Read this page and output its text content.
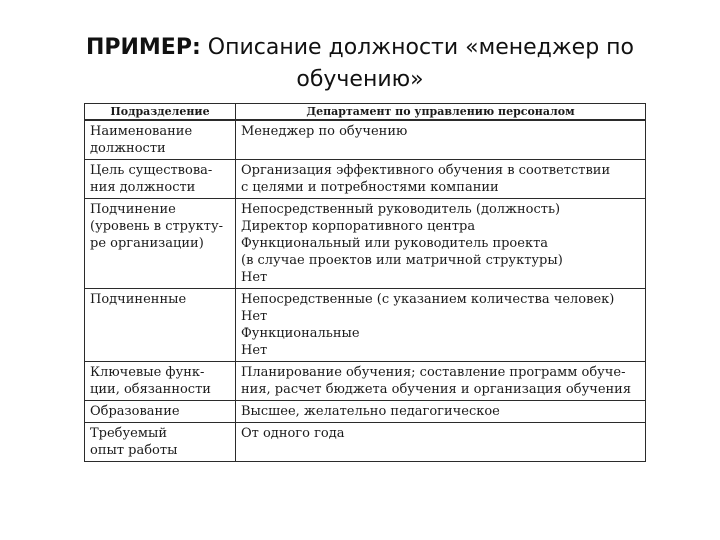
ПРИМЕР: Описание должности «менеджер по
обучению»
Подразделение	Департамент по управлению персоналом

Наименование
должности	Менеджер по обучению

Цель существова-
ния должности	Организация эффективного обучения в соответствии
с целями и потребностями компании

Подчинение
(уровень в структу-
ре организации)	Непосредственный руководитель (должность)
Директор корпоративного центра
Функциональный или руководитель проекта
(в случае проектов или матричной структуры)
Нет

Подчиненные	Непосредственные (с указанием количества человек)
Нет
Функциональные
Нет

Ключевые функ-
ции, обязанности	Планирование обучения; составление программ обуче-
ния, расчет бюджета обучения и организация обучения

Образование	Высшее, желательно педагогическое

Требуемый
опыт работы	От одного года
